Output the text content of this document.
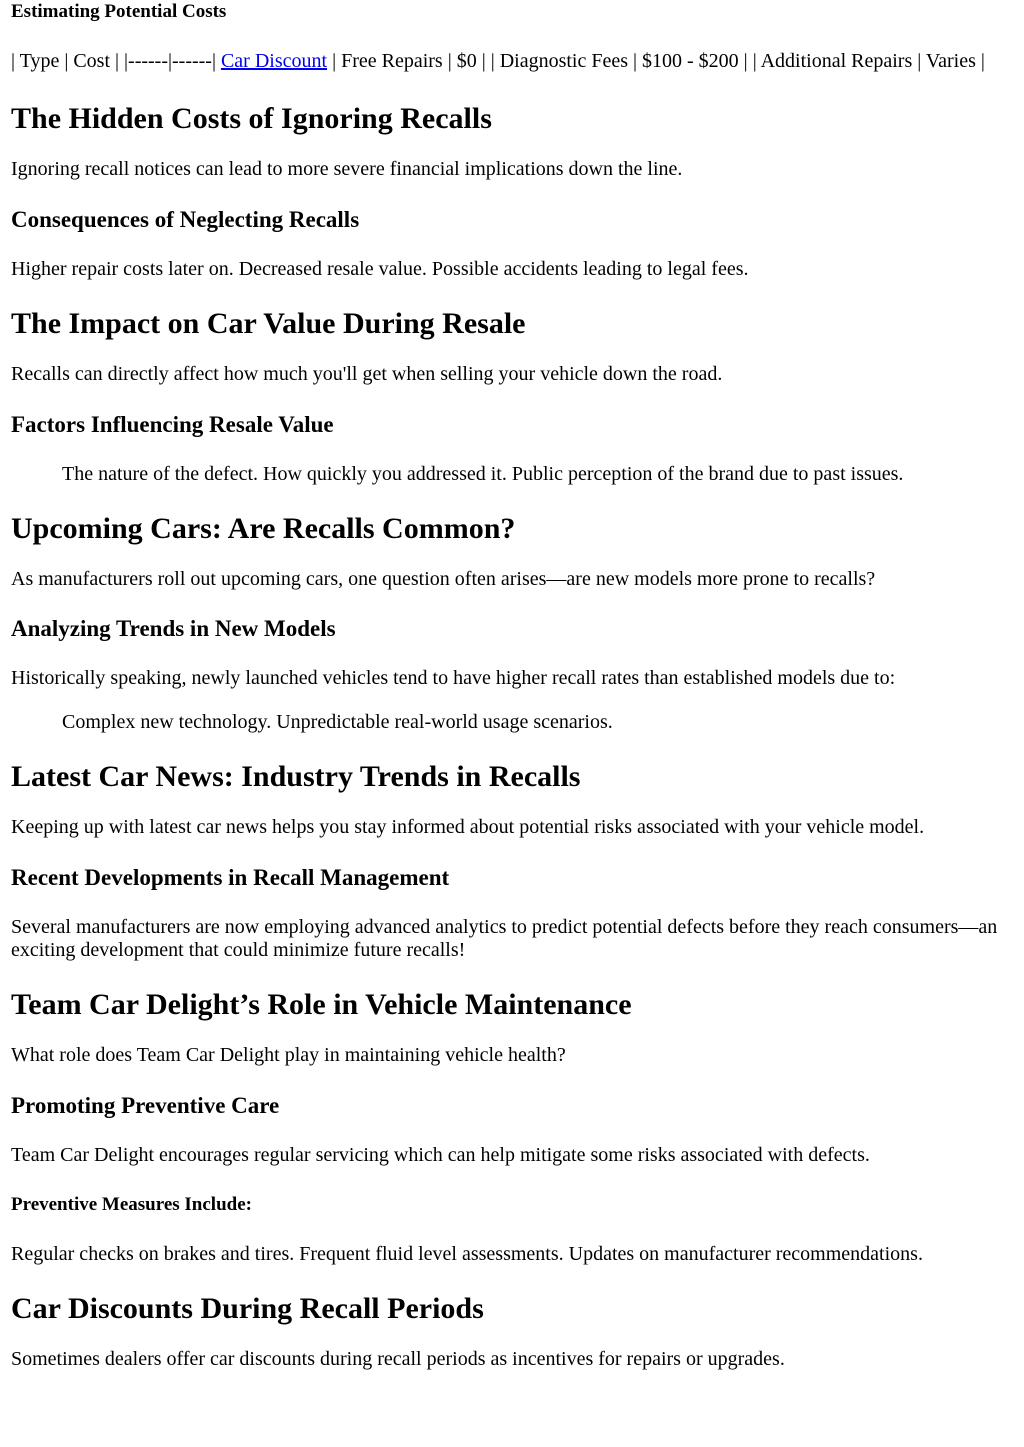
Estimating Potential Costs
| Type | Cost | |------|------| Car Discount | Free Repairs | $0 | | Diagnostic Fees | $100 - $200 | | Additional Repairs | Varies |
The Hidden Costs of Ignoring Recalls
Ignoring recall notices can lead to more severe financial implications down the line.
Consequences of Neglecting Recalls
Higher repair costs later on. Decreased resale value. Possible accidents leading to legal fees.
The Impact on Car Value During Resale
Recalls can directly affect how much you'll get when selling your vehicle down the road.
Factors Influencing Resale Value
The nature of the defect. How quickly you addressed it. Public perception of the brand due to past issues.
Upcoming Cars: Are Recalls Common?
As manufacturers roll out upcoming cars, one question often arises—are new models more prone to recalls?
Analyzing Trends in New Models
Historically speaking, newly launched vehicles tend to have higher recall rates than established models due to:
Complex new technology. Unpredictable real-world usage scenarios.
Latest Car News: Industry Trends in Recalls
Keeping up with latest car news helps you stay informed about potential risks associated with your vehicle model.
Recent Developments in Recall Management
Several manufacturers are now employing advanced analytics to predict potential defects before they reach consumers—an exciting development that could minimize future recalls!
Team Car Delight’s Role in Vehicle Maintenance
What role does Team Car Delight play in maintaining vehicle health?
Promoting Preventive Care
Team Car Delight encourages regular servicing which can help mitigate some risks associated with defects.
Preventive Measures Include:
Regular checks on brakes and tires. Frequent fluid level assessments. Updates on manufacturer recommendations.
Car Discounts During Recall Periods
Sometimes dealers offer car discounts during recall periods as incentives for repairs or upgrades.
